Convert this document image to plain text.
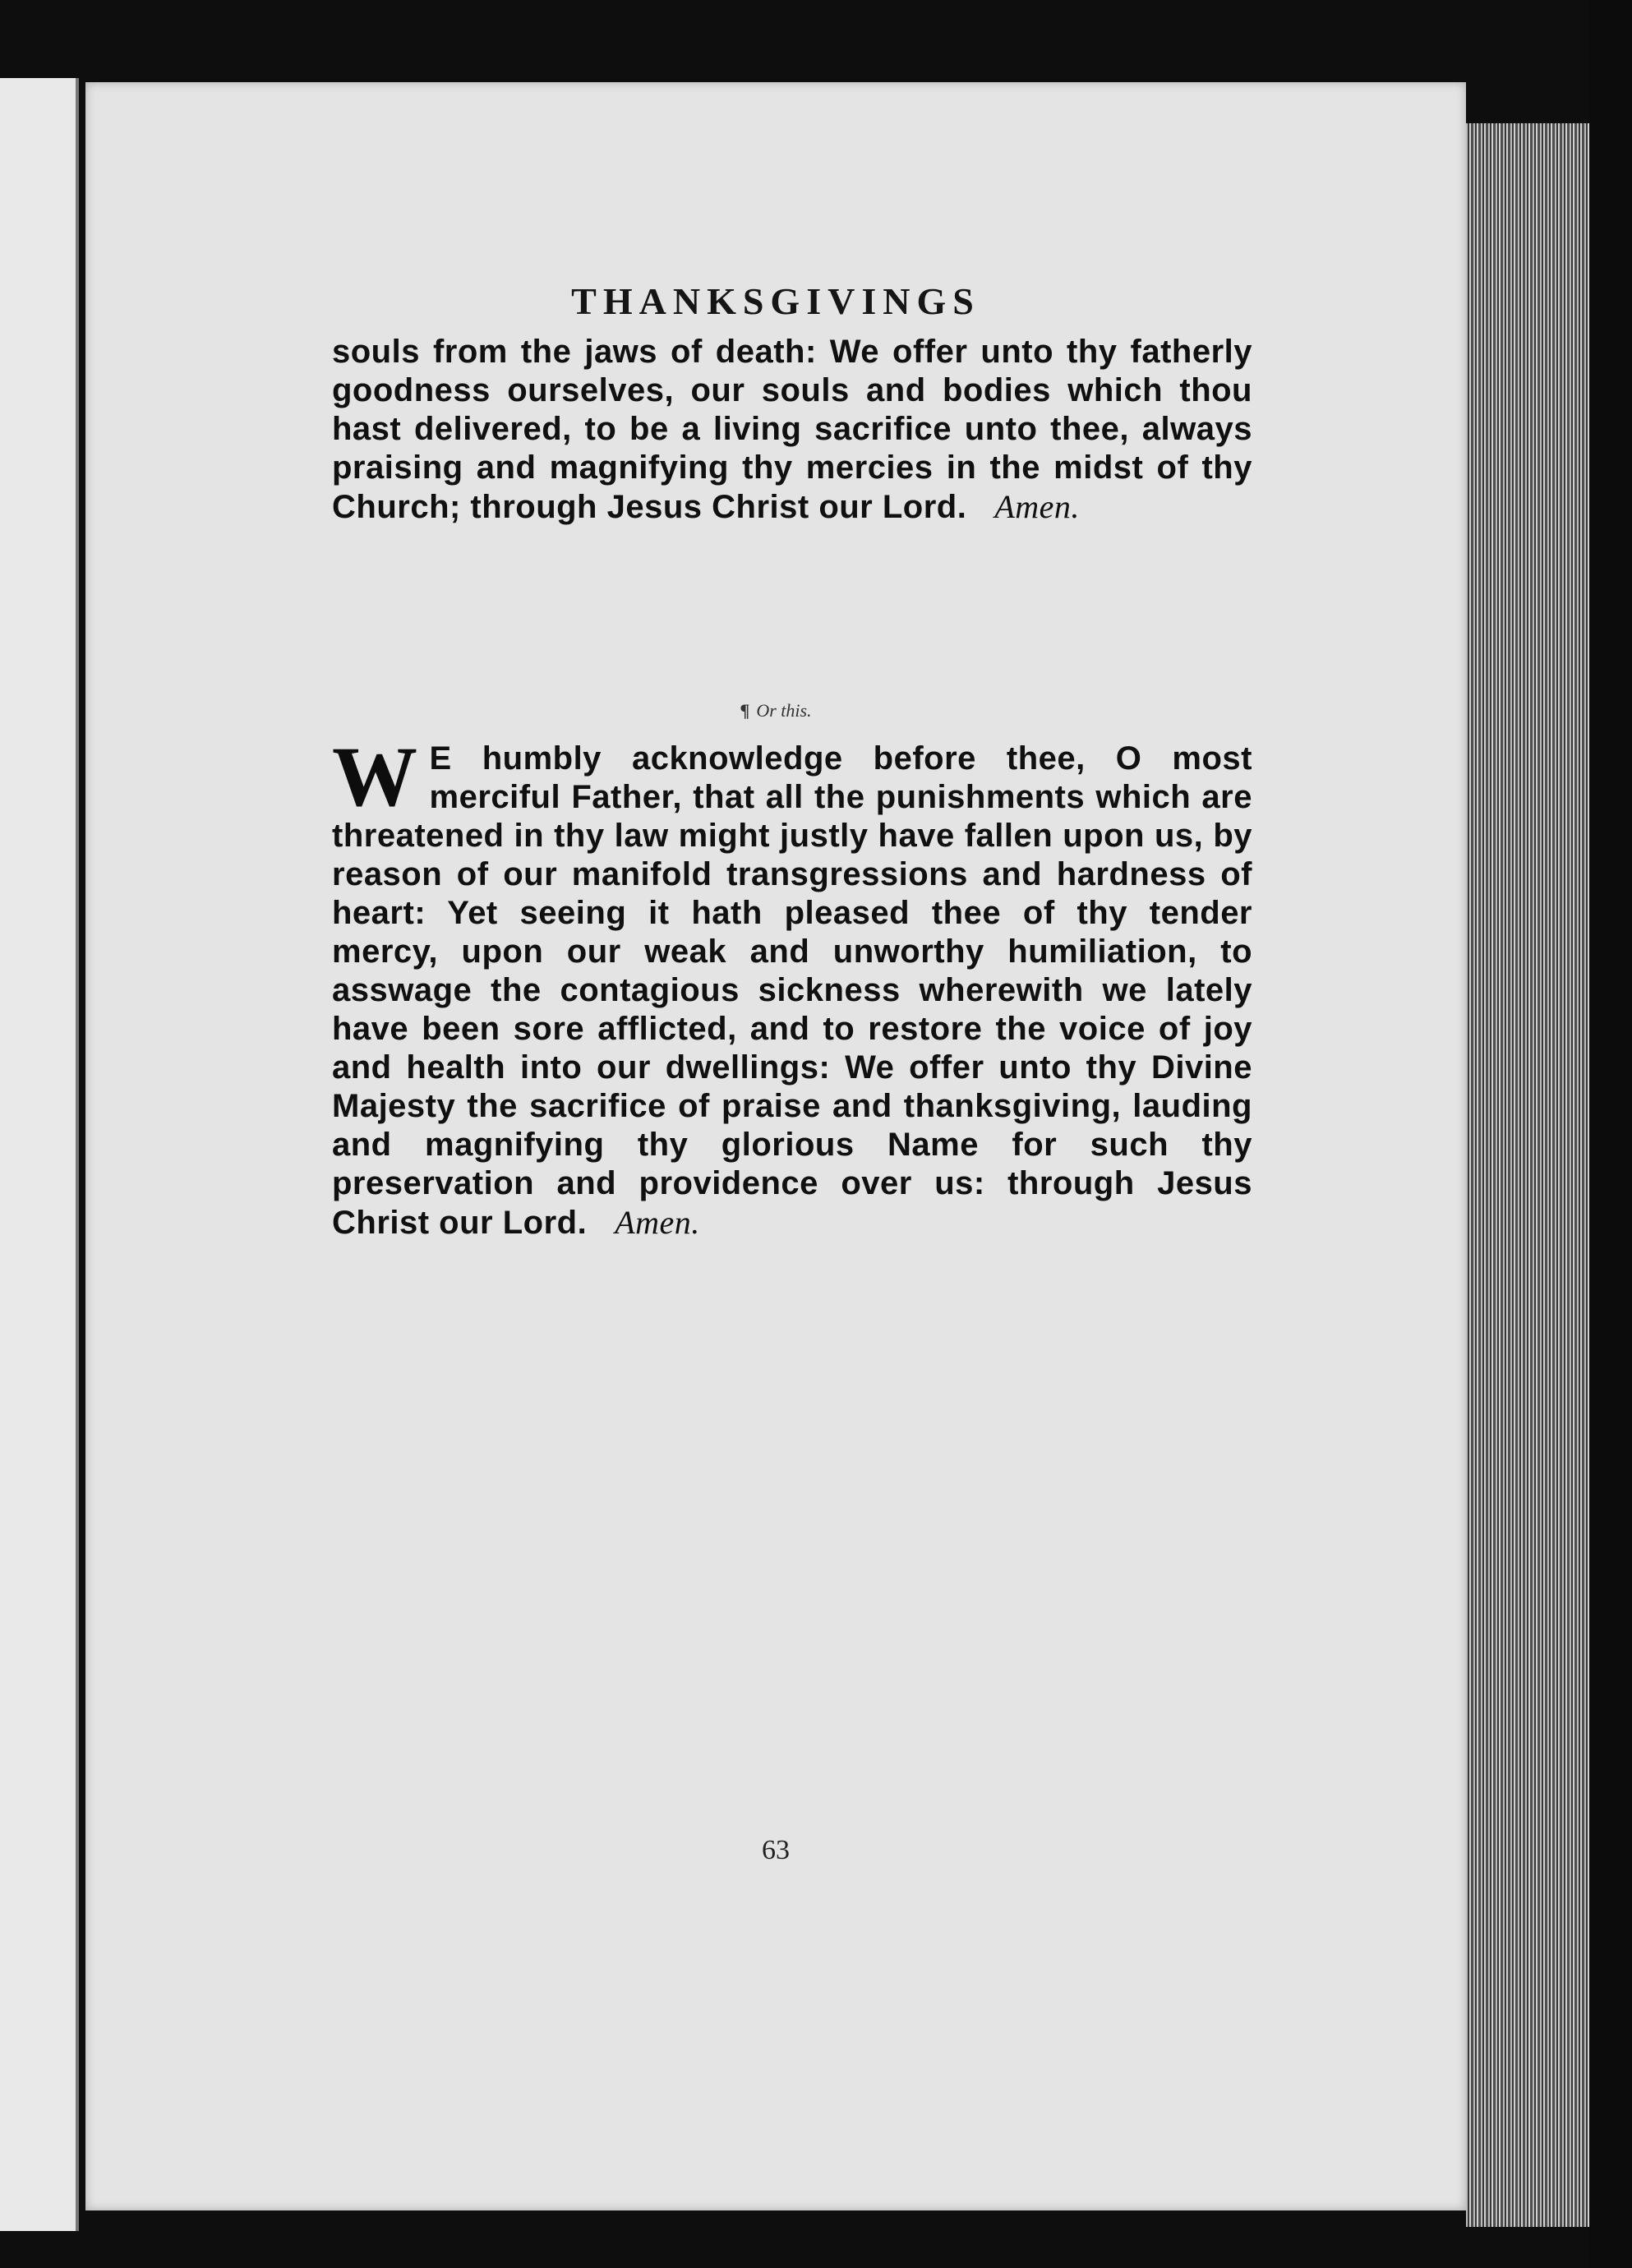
THANKSGIVINGS
souls from the jaws of death: We offer unto thy fatherly goodness ourselves, our souls and bodies which thou hast delivered, to be a living sacrifice unto thee, always praising and magnifying thy mercies in the midst of thy Church; through Jesus Christ our Lord. Amen.
¶ Or this.
W E humbly acknowledge before thee, O most merciful Father, that all the punishments which are threatened in thy law might justly have fallen upon us, by reason of our manifold transgressions and hardness of heart: Yet seeing it hath pleased thee of thy tender mercy, upon our weak and unworthy humiliation, to asswage the contagious sickness wherewith we lately have been sore afflicted, and to restore the voice of joy and health into our dwellings: We offer unto thy Divine Majesty the sacrifice of praise and thanksgiving, lauding and magnifying thy glorious Name for such thy preservation and providence over us: through Jesus Christ our Lord. Amen.
63
